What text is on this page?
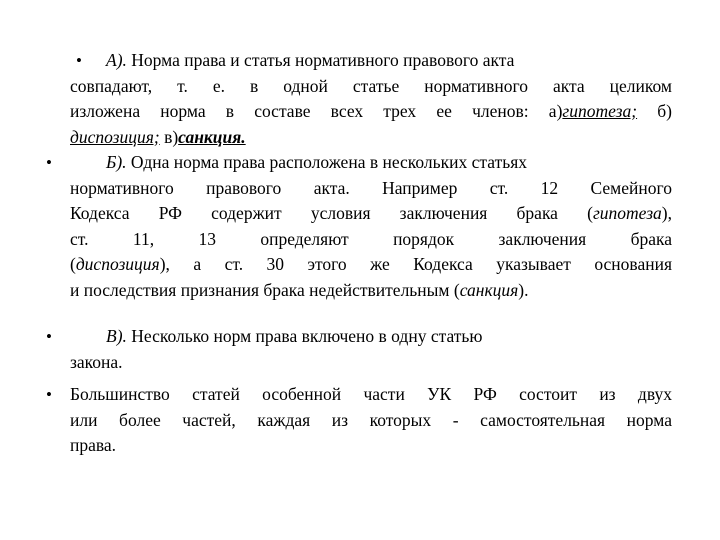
•	А). Норма права и статья нормативного правового акта
совпадают, т. е. в одной статье нормативного акта целиком
изложена норма в составе всех трех ее членов: а)гипотеза; б)
диспозиция; в)санкция.
•	Б). Одна норма права расположена в нескольких статьях
нормативного правового акта. Например ст. 12 Семейного
Кодекса РФ содержит условия заключения брака (гипотеза),
ст. 11, 13 определяют порядок заключения брака
(диспозиция), а ст. 30 этого же Кодекса указывает основания
и последствия признания брака недействительным (санкция).
•	В). Несколько норм права включено в одну статью
закона.
• Большинство статей особенной части УК РФ состоит из двух
или более частей, каждая из которых - самостоятельная норма
права.
